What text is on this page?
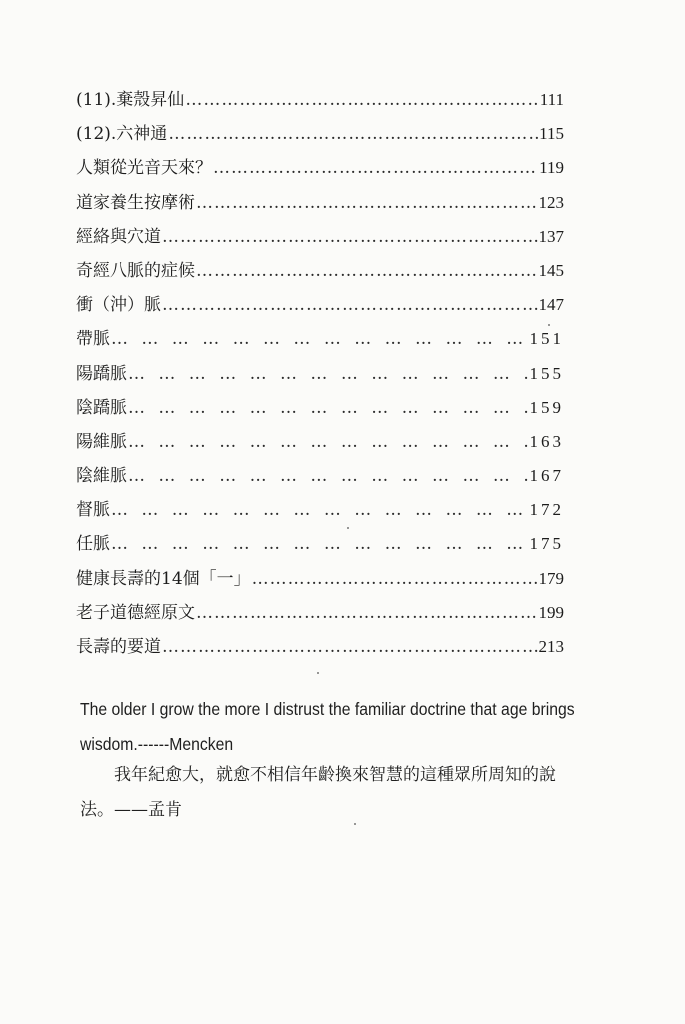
(11).棄殼昇仙 ……………………………………………………………………………………………………………………………	111
(12).六神通 ……………………………………………………………………………………………………………………………	115
人類從光音天來？ ……………………………………………………………………………………………………………………………	119
道家養生按摩術 ……………………………………………………………………………………………………………………………	123
經絡與穴道 ……………………………………………………………………………………………………………………………	137
奇經八脈的症候 ……………………………………………………………………………………………………………………………	145
衝（沖）脈 ……………………………………………………………………………………………………………………………	147
帶脈 … … … … … … … … … … … … … … … … … … … … … … … … … … … … … … … … … … … … … … … … … …	151
陽蹻脈 … … … … … … … … … … … … … … … … … … … … … … … … … … … … … … … … … … … … … … … … … …	155
陰蹻脈 … … … … … … … … … … … … … … … … … … … … … … … … … … … … … … … … … … … … … … … … … …	159
陽維脈 … … … … … … … … … … … … … … … … … … … … … … … … … … … … … … … … … … … … … … … … … …	163
陰維脈 … … … … … … … … … … … … … … … … … … … … … … … … … … … … … … … … … … … … … … … … … …	167
督脈 … … … … … … … … … … … … … … … … … … … … … … … … … … … … … … … … … … … … … … … … … …	172
任脈 … … … … … … … … … … … … … … … … … … … … … … … … … … … … … … … … … … … … … … … … … …	175
健康長壽的14個「一」 ……………………………………………………………………………………………………………………………	179
老子道德經原文 ……………………………………………………………………………………………………………………………	199
長壽的要道 ……………………………………………………………………………………………………………………………	213
The older I grow the more I distrust the familiar doctrine that age brings wisdom.------Mencken
我年紀愈大，就愈不相信年齡換來智慧的這種眾所周知的說法。——孟肯
